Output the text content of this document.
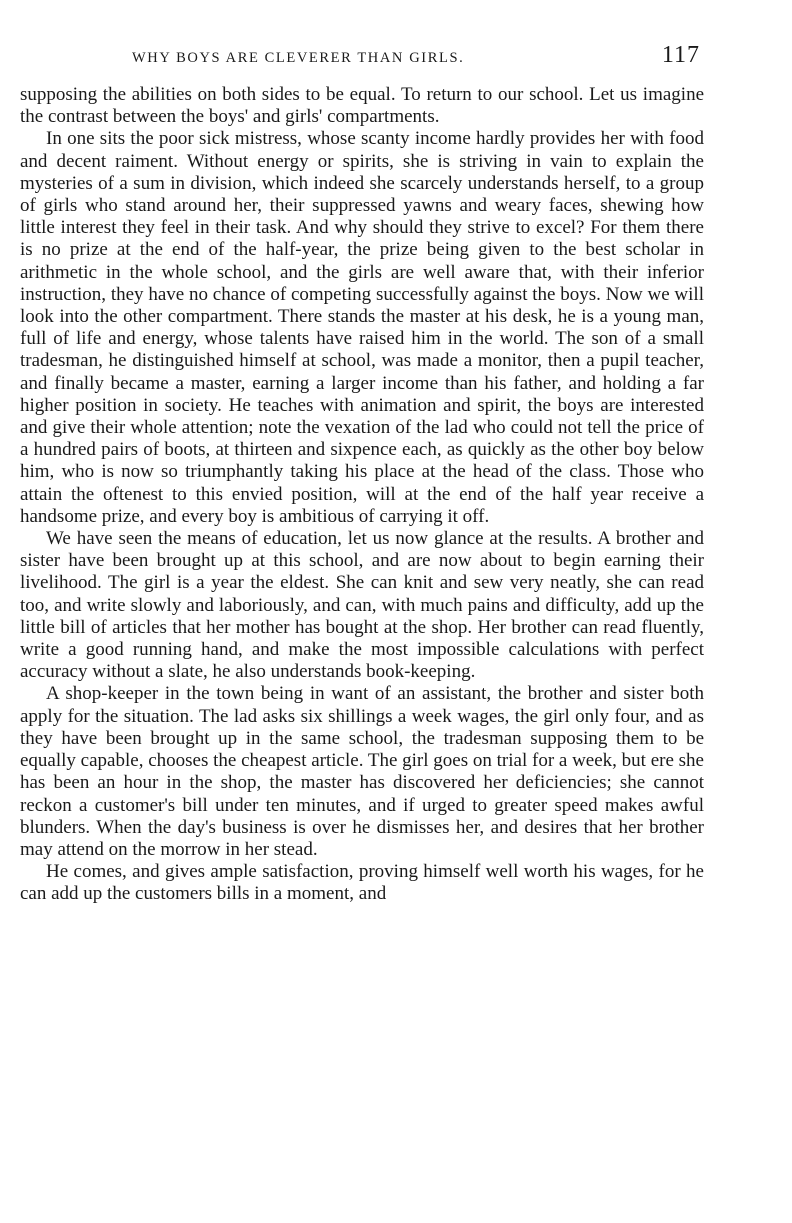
WHY BOYS ARE CLEVERER THAN GIRLS.	117

supposing the abilities on both sides to be equal. To return to our school. Let us imagine the contrast between the boys' and girls' compartments.

In one sits the poor sick mistress, whose scanty income hardly provides her with food and decent raiment. Without energy or spirits, she is striving in vain to explain the mysteries of a sum in division, which indeed she scarcely understands herself, to a group of girls who stand around her, their suppressed yawns and weary faces, shewing how little interest they feel in their task. And why should they strive to excel? For them there is no prize at the end of the half-year, the prize being given to the best scholar in arithmetic in the whole school, and the girls are well aware that, with their inferior instruction, they have no chance of competing successfully against the boys. Now we will look into the other compartment. There stands the master at his desk, he is a young man, full of life and energy, whose talents have raised him in the world. The son of a small tradesman, he distinguished himself at school, was made a monitor, then a pupil teacher, and finally became a master, earning a larger income than his father, and holding a far higher position in society. He teaches with animation and spirit, the boys are interested and give their whole attention; note the vexation of the lad who could not tell the price of a hundred pairs of boots, at thirteen and sixpence each, as quickly as the other boy below him, who is now so triumphantly taking his place at the head of the class. Those who attain the oftenest to this envied position, will at the end of the half year receive a handsome prize, and every boy is ambitious of carrying it off.

We have seen the means of education, let us now glance at the results. A brother and sister have been brought up at this school, and are now about to begin earning their livelihood. The girl is a year the eldest. She can knit and sew very neatly, she can read too, and write slowly and laboriously, and can, with much pains and difficulty, add up the little bill of articles that her mother has bought at the shop. Her brother can read fluently, write a good running hand, and make the most impossible calculations with perfect accuracy without a slate, he also understands book-keeping.

A shop-keeper in the town being in want of an assistant, the brother and sister both apply for the situation. The lad asks six shillings a week wages, the girl only four, and as they have been brought up in the same school, the tradesman supposing them to be equally capable, chooses the cheapest article. The girl goes on trial for a week, but ere she has been an hour in the shop, the master has discovered her deficiencies; she cannot reckon a customer's bill under ten minutes, and if urged to greater speed makes awful blunders. When the day's business is over he dismisses her, and desires that her brother may attend on the morrow in her stead.

He comes, and gives ample satisfaction, proving himself well worth his wages, for he can add up the customers bills in a moment, and
